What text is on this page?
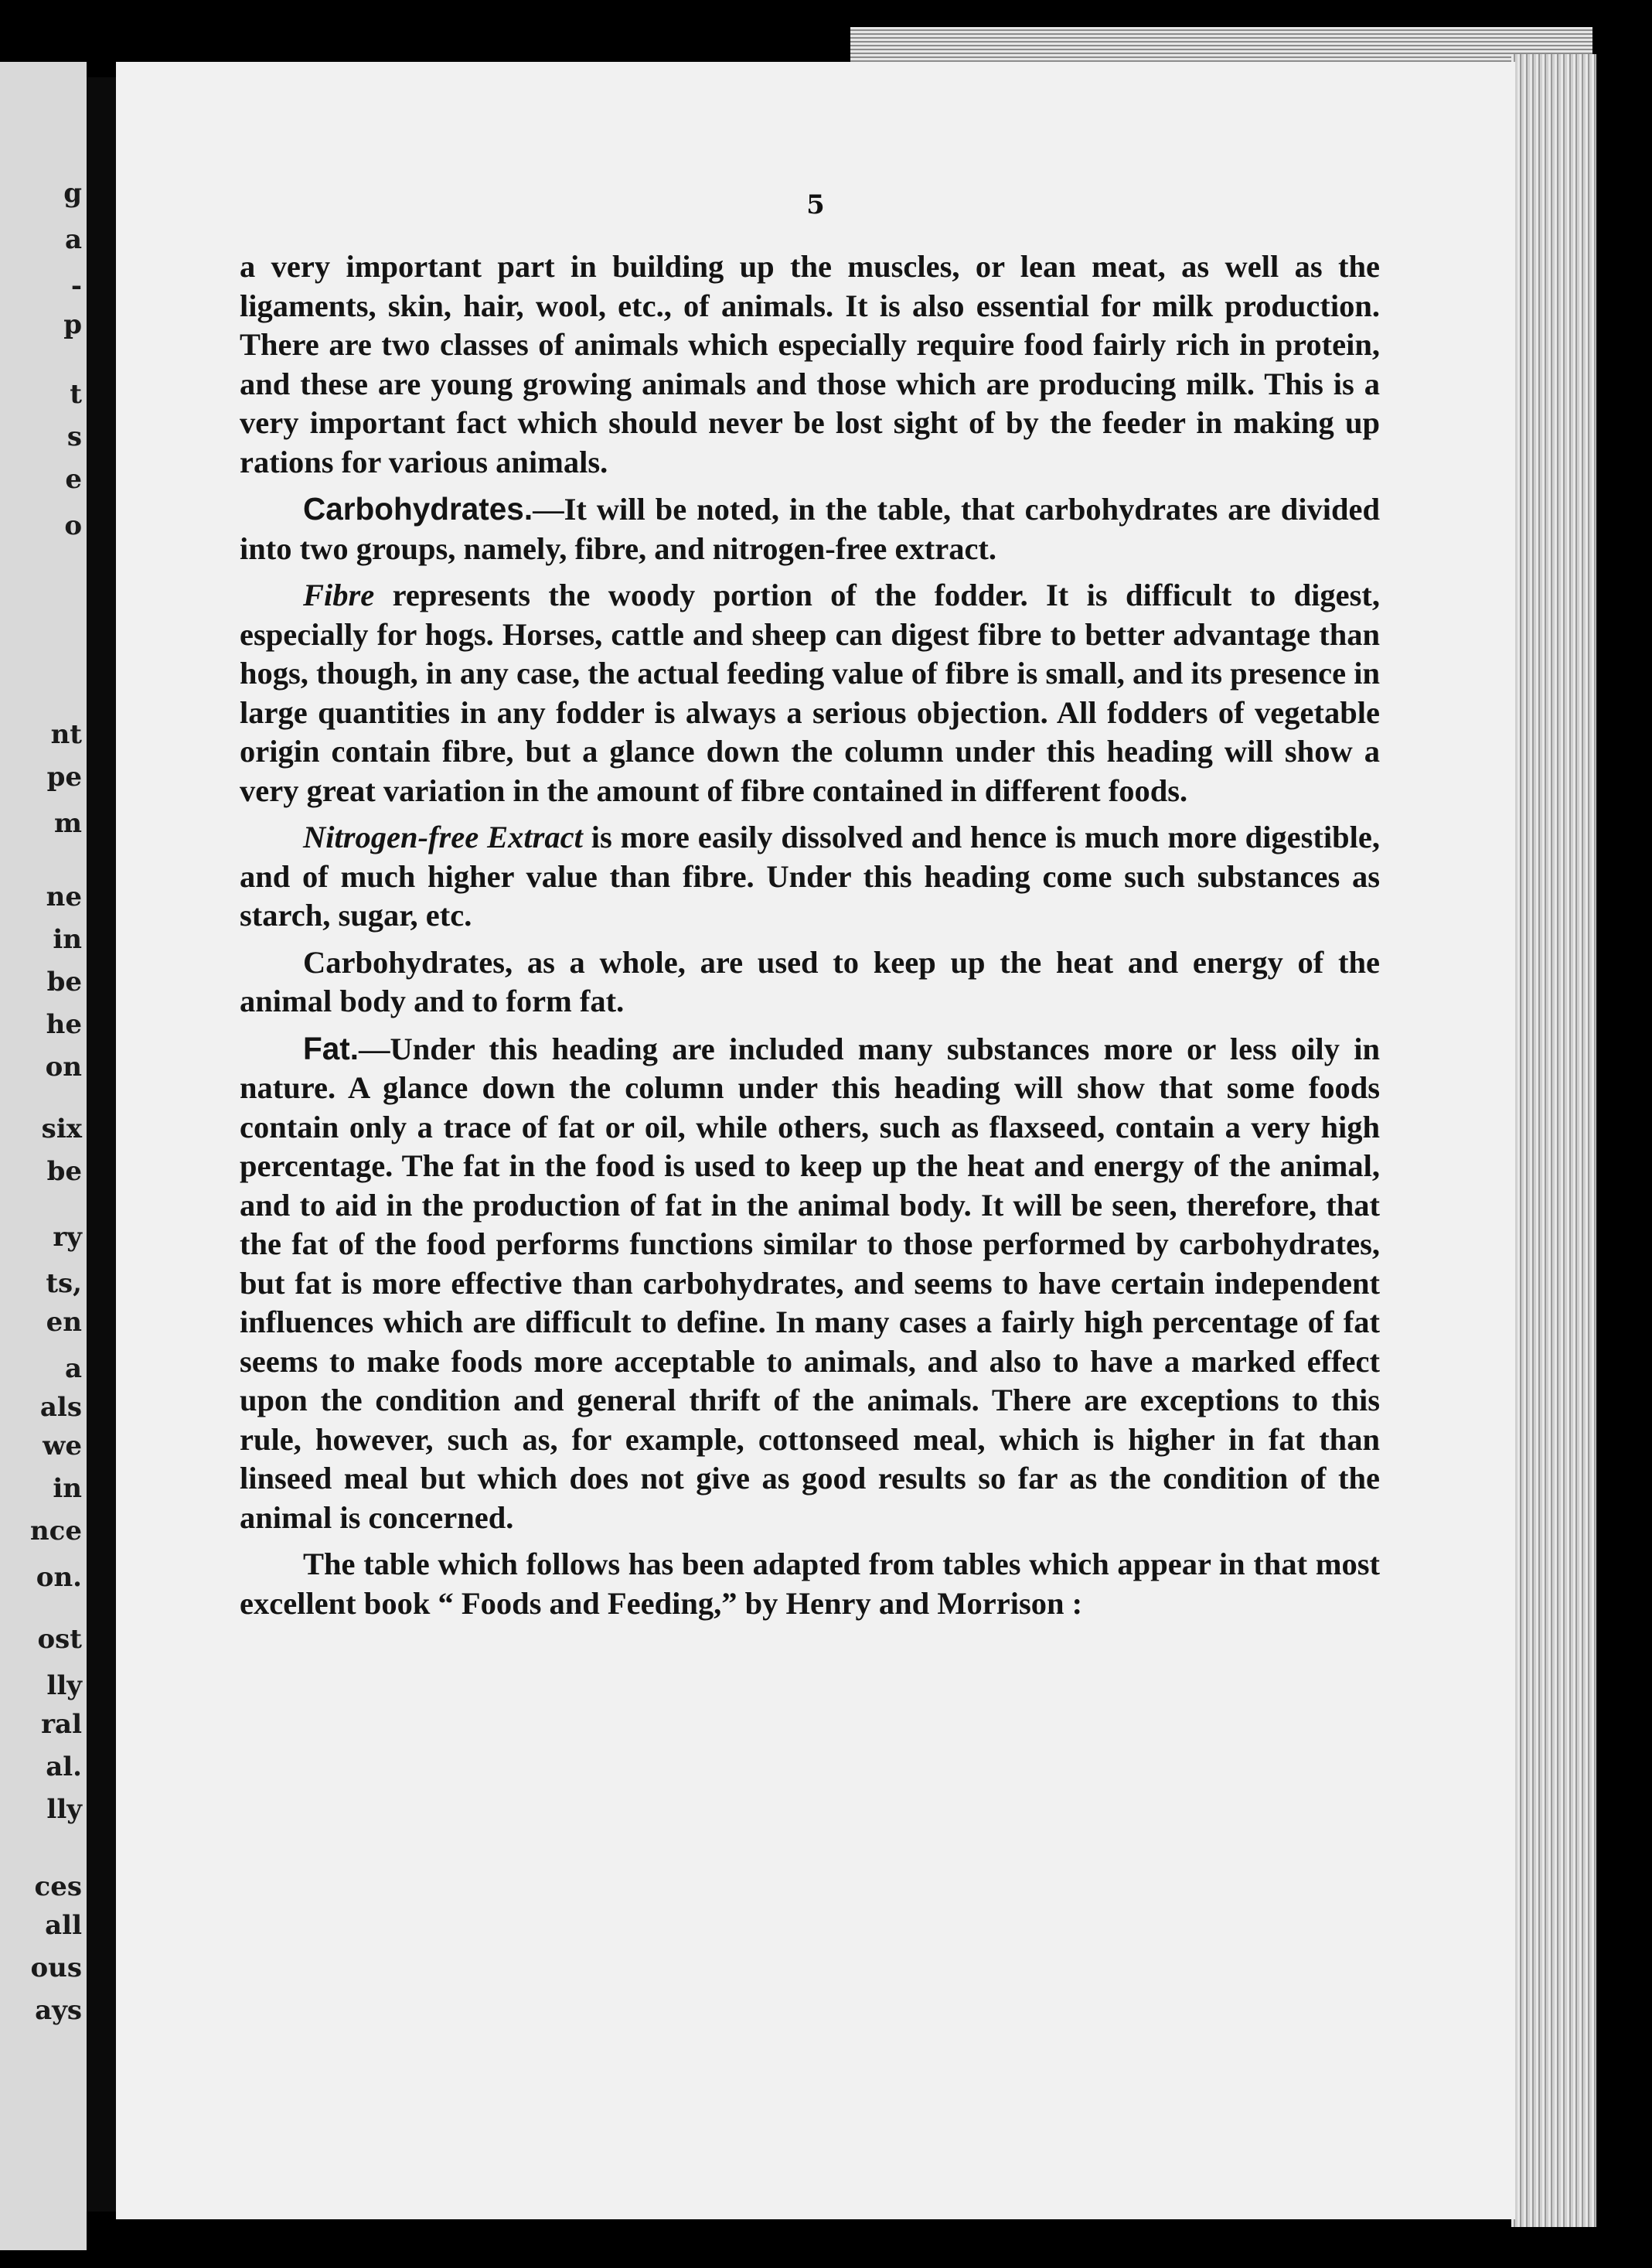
g
a
-
p
t
s
e
o
nt
pe
m
ne
in
be
he
on
six
be
ry
ts,
en
a
als
we
in
nce
on.
ost
lly
ral
al.
lly
ces
all
ous
ays
5

a very important part in building up the muscles, or lean meat, as well as the ligaments, skin, hair, wool, etc., of animals. It is also essential for milk production. There are two classes of animals which especially require food fairly rich in protein, and these are young growing animals and those which are producing milk. This is a very important fact which should never be lost sight of by the feeder in making up rations for various animals.

Carbohydrates.—It will be noted, in the table, that carbohydrates are divided into two groups, namely, fibre, and nitrogen-free extract.

Fibre represents the woody portion of the fodder. It is difficult to digest, especially for hogs. Horses, cattle and sheep can digest fibre to better advantage than hogs, though, in any case, the actual feeding value of fibre is small, and its presence in large quantities in any fodder is always a serious objection. All fodders of vegetable origin contain fibre, but a glance down the column under this heading will show a very great variation in the amount of fibre contained in different foods.

Nitrogen-free Extract is more easily dissolved and hence is much more digestible, and of much higher value than fibre. Under this heading come such substances as starch, sugar, etc.

Carbohydrates, as a whole, are used to keep up the heat and energy of the animal body and to form fat.

Fat.—Under this heading are included many substances more or less oily in nature. A glance down the column under this heading will show that some foods contain only a trace of fat or oil, while others, such as flaxseed, contain a very high percentage. The fat in the food is used to keep up the heat and energy of the animal, and to aid in the production of fat in the animal body. It will be seen, therefore, that the fat of the food performs functions similar to those performed by carbohydrates, but fat is more effective than carbohydrates, and seems to have certain independent influences which are difficult to define. In many cases a fairly high percentage of fat seems to make foods more acceptable to animals, and also to have a marked effect upon the condition and general thrift of the animals. There are exceptions to this rule, however, such as, for example, cottonseed meal, which is higher in fat than linseed meal but which does not give as good results so far as the condition of the animal is concerned.

The table which follows has been adapted from tables which appear in that most excellent book “ Foods and Feeding,” by Henry and Morrison :
